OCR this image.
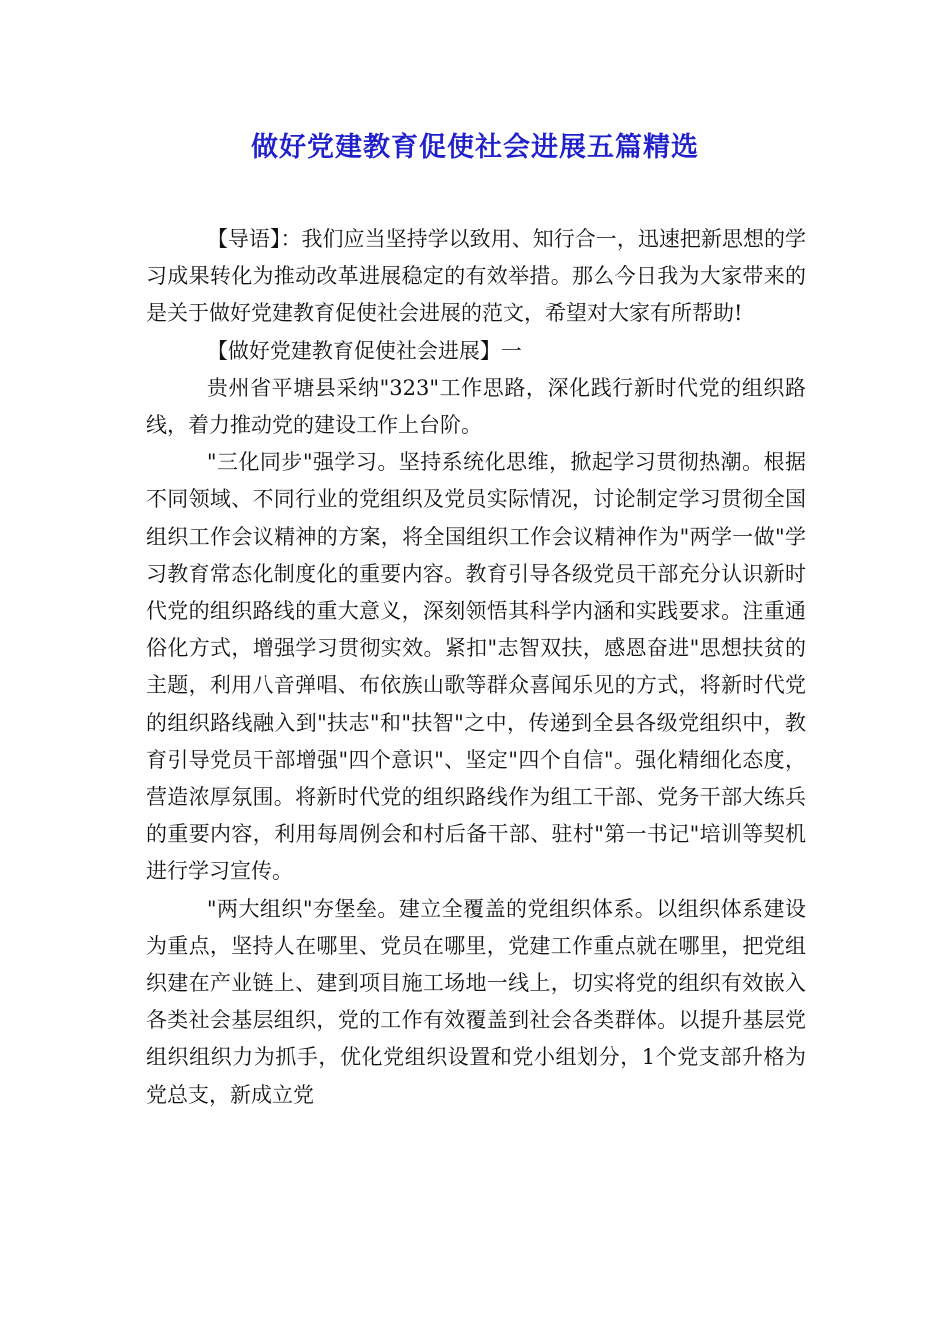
做好党建教育促使社会进展五篇精选

【导语】：我们应当坚持学以致用、知行合一，迅速把新思想的学习成果转化为推动改革进展稳定的有效举措。那么今日我为大家带来的是关于做好党建教育促使社会进展的范文，希望对大家有所帮助!

【做好党建教育促使社会进展】一

贵州省平塘县采纳"323"工作思路，深化践行新时代党的组织路线，着力推动党的建设工作上台阶。

"三化同步"强学习。坚持系统化思维，掀起学习贯彻热潮。根据不同领域、不同行业的党组织及党员实际情况，讨论制定学习贯彻全国组织工作会议精神的方案，将全国组织工作会议精神作为"两学一做"学习教育常态化制度化的重要内容。教育引导各级党员干部充分认识新时代党的组织路线的重大意义，深刻领悟其科学内涵和实践要求。注重通俗化方式，增强学习贯彻实效。紧扣"志智双扶，感恩奋进"思想扶贫的主题，利用八音弹唱、布依族山歌等群众喜闻乐见的方式，将新时代党的组织路线融入到"扶志"和"扶智"之中，传递到全县各级党组织中，教育引导党员干部增强"四个意识"、坚定"四个自信"。强化精细化态度，营造浓厚氛围。将新时代党的组织路线作为组工干部、党务干部大练兵的重要内容，利用每周例会和村后备干部、驻村"第一书记"培训等契机进行学习宣传。

"两大组织"夯堡垒。建立全覆盖的党组织体系。以组织体系建设为重点，坚持人在哪里、党员在哪里，党建工作重点就在哪里，把党组织建在产业链上、建到项目施工场地一线上，切实将党的组织有效嵌入各类社会基层组织，党的工作有效覆盖到社会各类群体。以提升基层党组织组织力为抓手，优化党组织设置和党小组划分，1个党支部升格为党总支，新成立党
